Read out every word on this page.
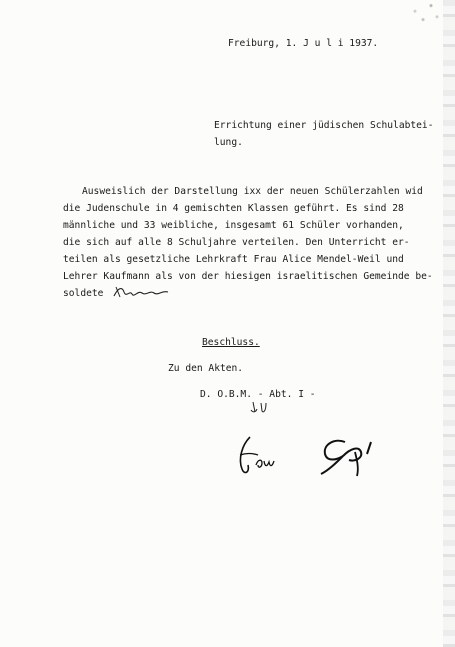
Freiburg, 1. J u l i 1937.
Errichtung einer jüdischen Schulabtei-
lung.
Ausweislich der Darstellung ixx der neuen Schülerzahlen wid
die Judenschule in 4 gemischten Klassen geführt. Es sind 28
männliche und 33 weibliche, insgesamt 61 Schüler vorhanden,
die sich auf alle 8 Schuljahre verteilen. Den Unterricht er-
teilen als gesetzliche Lehrkraft Frau Alice Mendel-Weil und
Lehrer Kaufmann als von der hiesigen israelitischen Gemeinde be-
soldete
Beschluss.
Zu den Akten.
D. O.B.M. - Abt. I -
